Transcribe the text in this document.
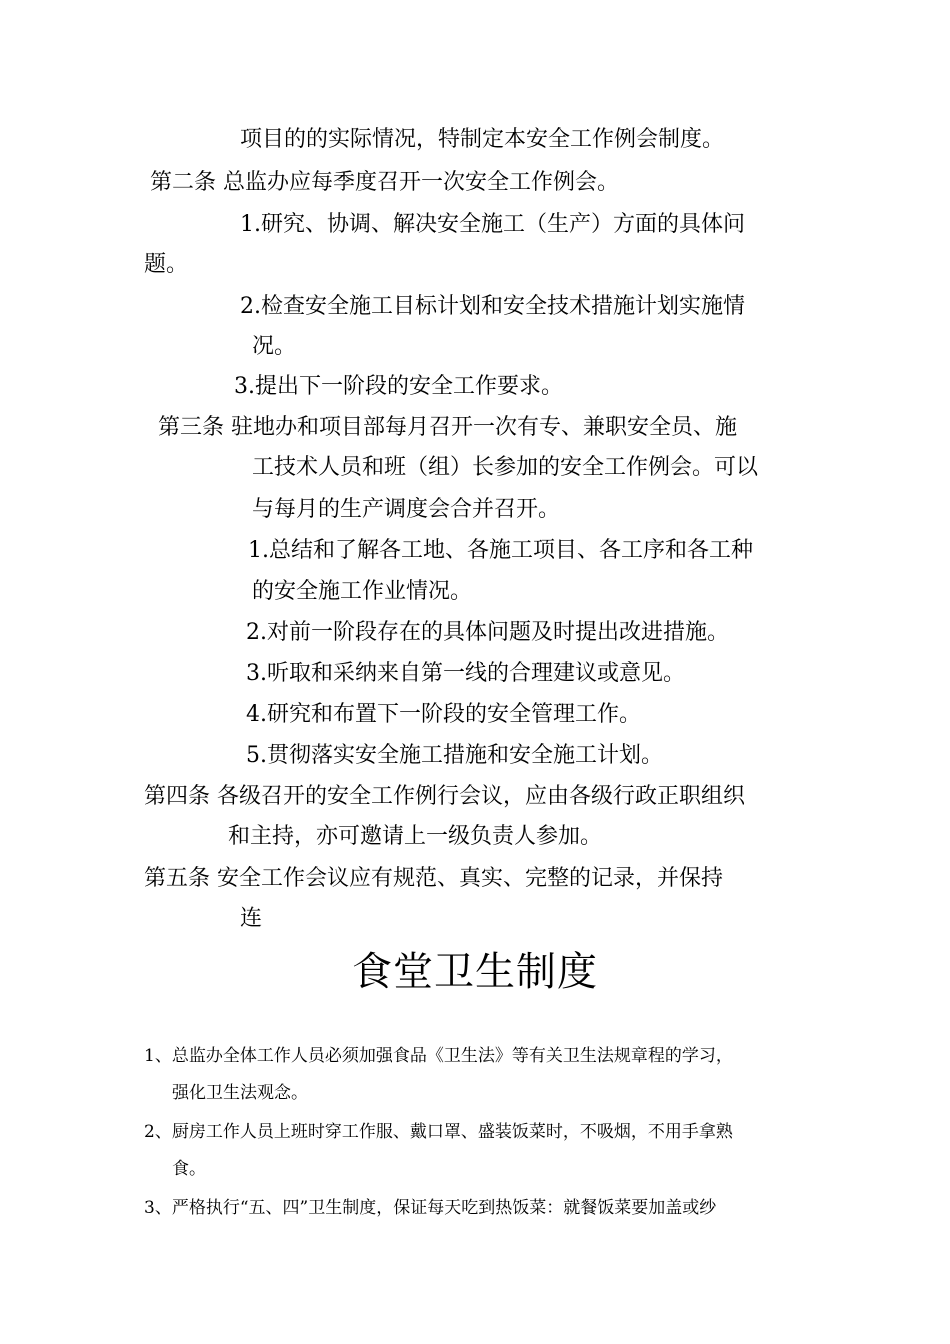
项目的的实际情况，特制定本安全工作例会制度。
第二条 总监办应每季度召开一次安全工作例会。
1.研究、协调、解决安全施工（生产）方面的具体问
题。
2.检查安全施工目标计划和安全技术措施计划实施情
况。
3.提出下一阶段的安全工作要求。
第三条 驻地办和项目部每月召开一次有专、兼职安全员、施
工技术人员和班（组）长参加的安全工作例会。可以
与每月的生产调度会合并召开。
1.总结和了解各工地、各施工项目、各工序和各工种
的安全施工作业情况。
2.对前一阶段存在的具体问题及时提出改进措施。
3.听取和采纳来自第一线的合理建议或意见。
4.研究和布置下一阶段的安全管理工作。
5.贯彻落实安全施工措施和安全施工计划。
第四条 各级召开的安全工作例行会议，应由各级行政正职组织
和主持，亦可邀请上一级负责人参加。
第五条 安全工作会议应有规范、真实、完整的记录，并保持
连
食堂卫生制度
1、总监办全体工作人员必须加强食品《卫生法》等有关卫生法规章程的学习，
强化卫生法观念。
2、厨房工作人员上班时穿工作服、戴口罩、盛装饭菜时，不吸烟，不用手拿熟
食。
3、严格执行“五、四”卫生制度，保证每天吃到热饭菜：就餐饭菜要加盖或纱
